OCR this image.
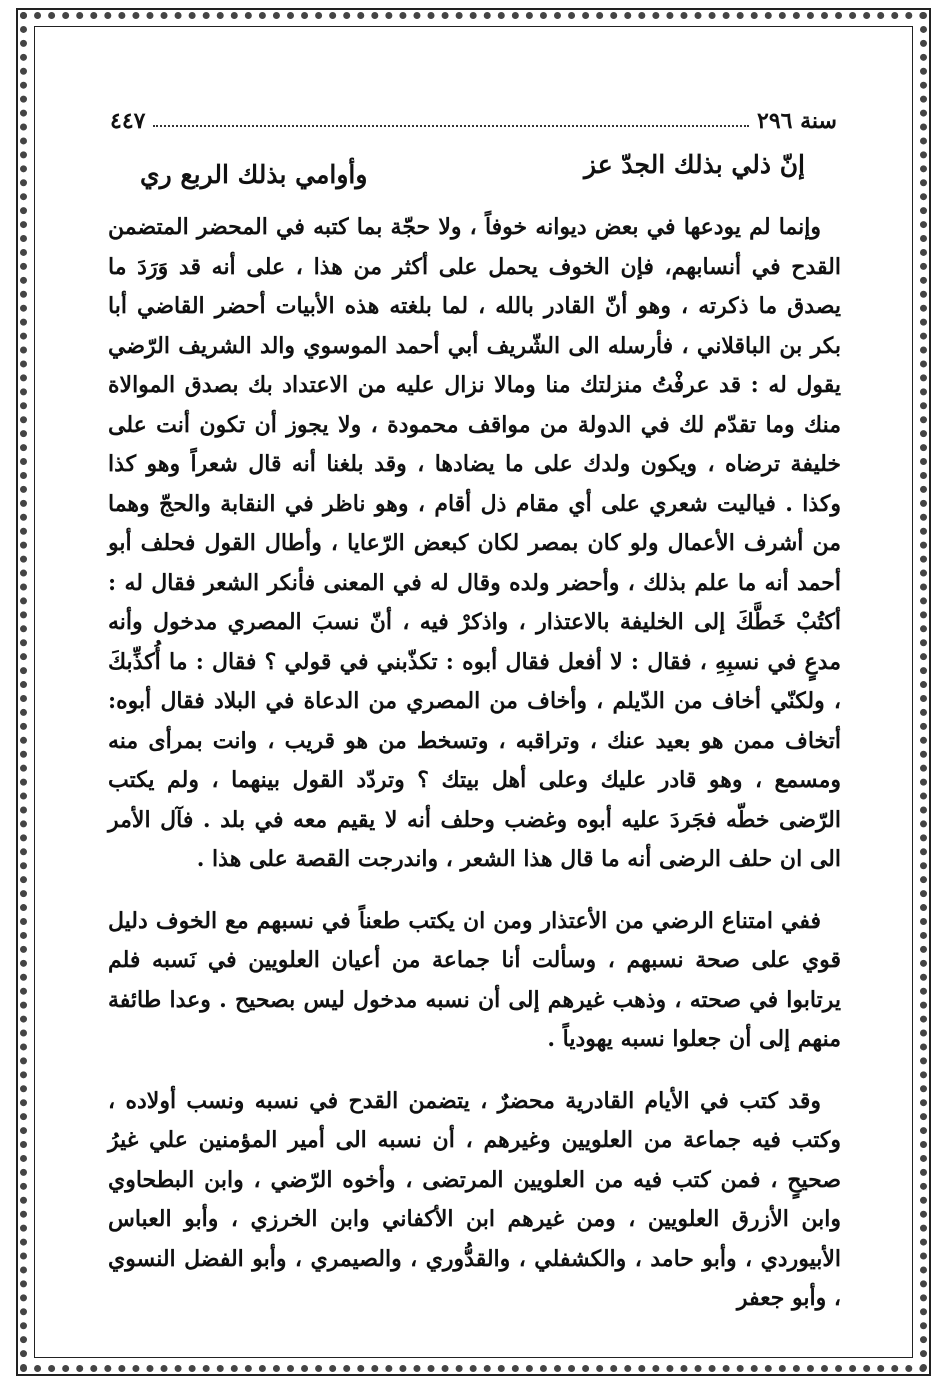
سنة ٢٩٦
٤٤٧
إنّ ذلي بذلك الجدّ عز
وأوامي بذلك الربع ري

وإنما لم يودعها في بعض ديوانه خوفاً ، ولا حجّة بما كتبه في المحضر المتضمن القدح في أنسابهم، فإن الخوف يحمل على أكثر من هذا ، على أنه قد وَرَدَ ما يصدق ما ذكرته ، وهو أنّ القادر بالله ، لما بلغته هذه الأبيات أحضر القاضي أبا بكر بن الباقلاني ، فأرسله الى الشّريف أبي أحمد الموسوي والد الشريف الرّضي يقول له : قد عرفْتُ منزلتك منا ومالا نزال عليه من الاعتداد بك بصدق الموالاة منك وما تقدّم لك في الدولة من مواقف محمودة ، ولا يجوز أن تكون أنت على خليفة ترضاه ، ويكون ولدك على ما يضادها ، وقد بلغنا أنه قال شعراً وهو كذا وكذا . فياليت شعري على أي مقام ذل أقام ، وهو ناظر في النقابة والحجّ وهما من أشرف الأعمال ولو كان بمصر لكان كبعض الرّعايا ، وأطال القول فحلف أبو أحمد أنه ما علم بذلك ، وأحضر ولده وقال له في المعنى فأنكر الشعر فقال له : أكتُبْ خَطَّكَ إلى الخليفة بالاعتذار ، واذكرْ فيه ، أنّ نسبَ المصري مدخول وأنه مدعٍ في نسبِهِ ، فقال : لا أفعل فقال أبوه : تكذّبني في قولي ؟ فقال : ما أُكذِّبكَ ، ولكنّي أخاف من الدّيلم ، وأخاف من المصري من الدعاة في البلاد فقال أبوه: أتخاف ممن هو بعيد عنك ، وتراقبه ، وتسخط من هو قريب ، وانت بمرأى منه ومسمع ، وهو قادر عليك وعلى أهل بيتك ؟ وتردّد القول بينهما ، ولم يكتب الرّضى خطّه فجَردَ عليه أبوه وغضب وحلف أنه لا يقيم معه في بلد . فآل الأمر الى ان حلف الرضى أنه ما قال هذا الشعر ، واندرجت القصة على هذا .

ففي امتناع الرضي من الأعتذار ومن ان يكتب طعناً في نسبهم مع الخوف دليل قوي على صحة نسبهم ، وسألت أنا جماعة من أعيان العلويين في نَسبه فلم يرتابوا في صحته ، وذهب غيرهم إلى أن نسبه مدخول ليس بصحيح . وعدا طائفة منهم إلى أن جعلوا نسبه يهودياً .

وقد كتب في الأيام القادرية محضرٌ ، يتضمن القدح في نسبه ونسب أولاده ، وكتب فيه جماعة من العلويين وغيرهم ، أن نسبه الى أمير المؤمنين علي غيرُ صحيحٍ ، فمن كتب فيه من العلويين المرتضى ، وأخوه الرّضي ، وابن البطحاوي وابن الأزرق العلويين ، ومن غيرهم ابن الأكفاني وابن الخرزي ، وأبو العباس الأبيوردي ، وأبو حامد ، والكشفلي ، والقدُّوري ، والصيمري ، وأبو الفضل النسوي ، وأبو جعفر
